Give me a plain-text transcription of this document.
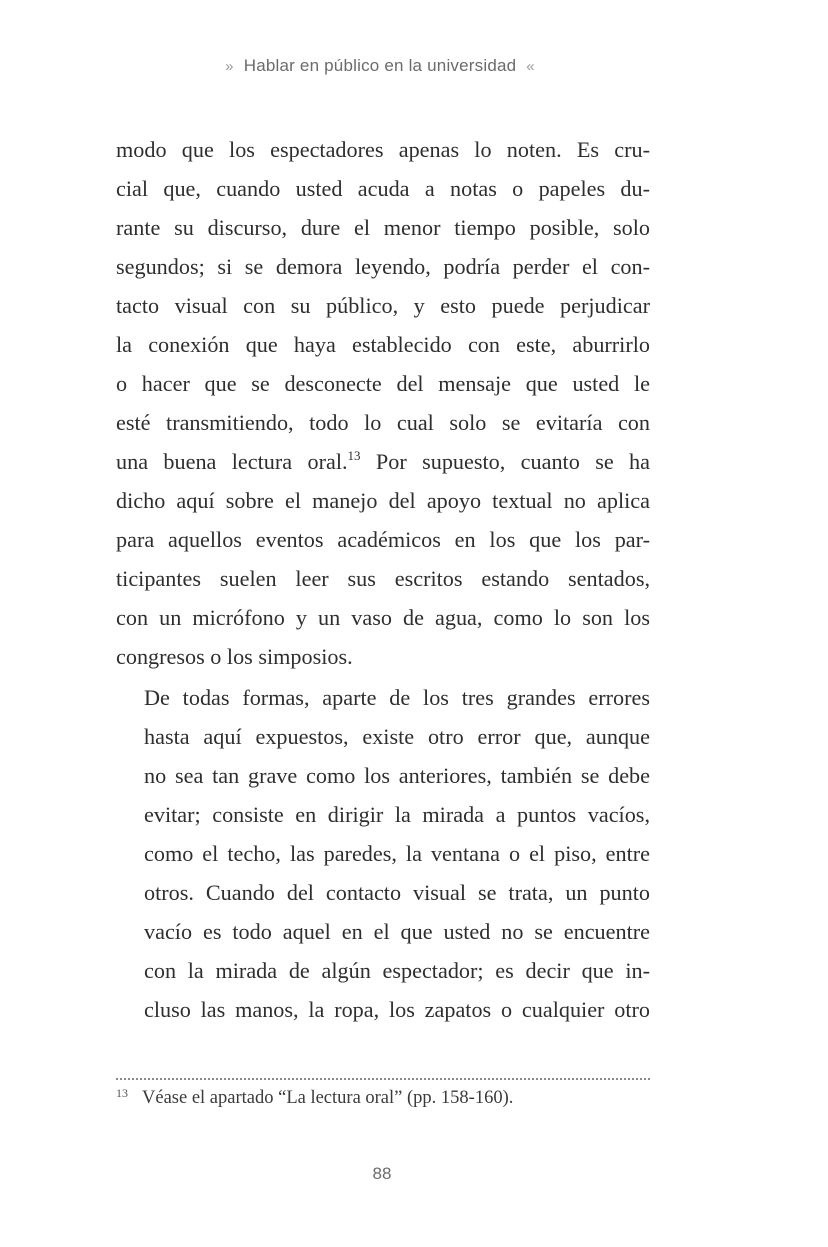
» Hablar en público en la universidad «

modo que los espectadores apenas lo noten. Es cru-
cial que, cuando usted acuda a notas o papeles du-
rante su discurso, dure el menor tiempo posible, solo
segundos; si se demora leyendo, podría perder el con-
tacto visual con su público, y esto puede perjudicar
la conexión que haya establecido con este, aburrirlo
o hacer que se desconecte del mensaje que usted le
esté transmitiendo, todo lo cual solo se evitaría con
una buena lectura oral.$^{13}$ Por supuesto, cuanto se ha
dicho aquí sobre el manejo del apoyo textual no aplica
para aquellos eventos académicos en los que los par-
ticipantes suelen leer sus escritos estando sentados,
con un micrófono y un vaso de agua, como lo son los
congresos o los simposios.

De todas formas, aparte de los tres grandes errores
hasta aquí expuestos, existe otro error que, aunque
no sea tan grave como los anteriores, también se debe
evitar; consiste en dirigir la mirada a puntos vacíos,
como el techo, las paredes, la ventana o el piso, entre
otros. Cuando del contacto visual se trata, un punto
vacío es todo aquel en el que usted no se encuentre
con la mirada de algún espectador; es decir que in-
cluso las manos, la ropa, los zapatos o cualquier otro

$^{13}$ Véase el apartado “La lectura oral” (pp. 158-160).
88
